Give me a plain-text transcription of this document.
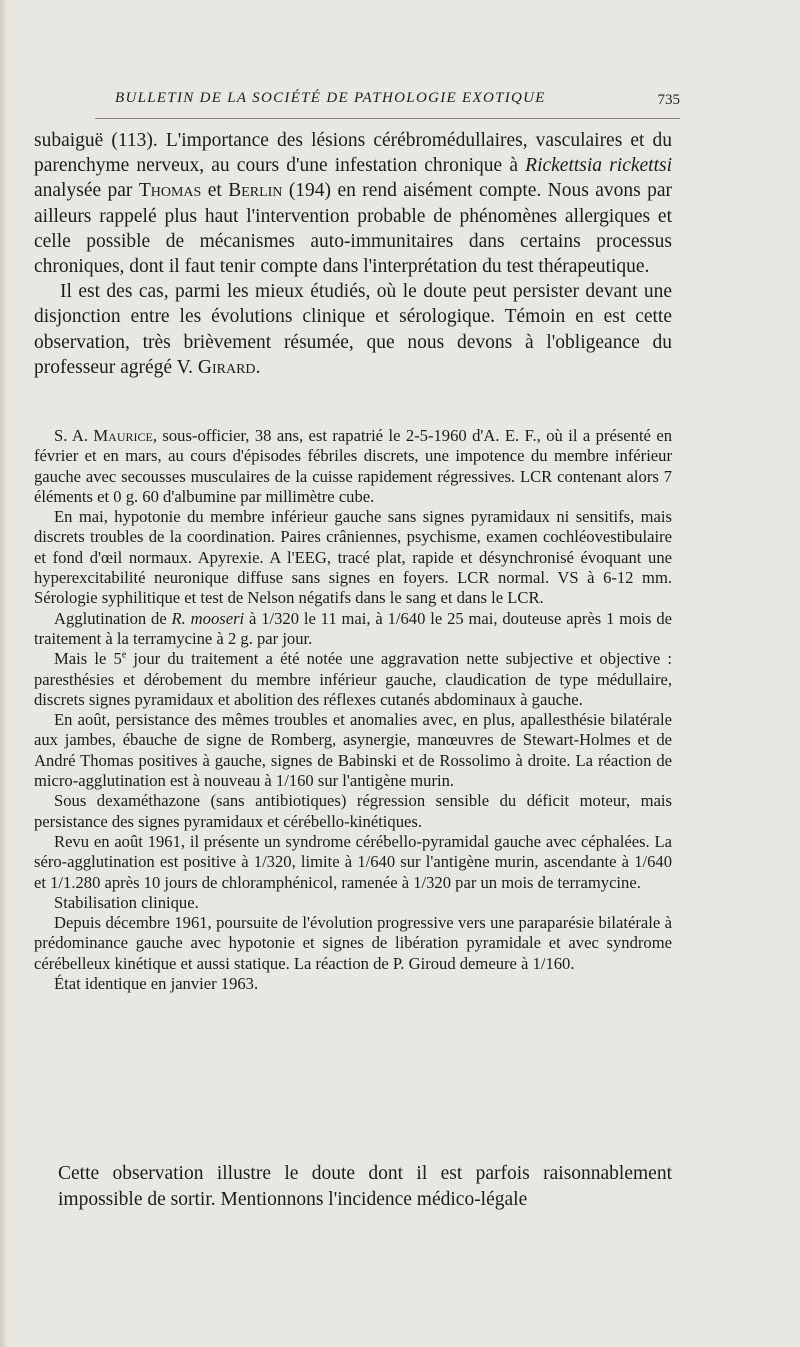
BULLETIN DE LA SOCIÉTÉ DE PATHOLOGIE EXOTIQUE	735

subaiguë (113). L'importance des lésions cérébromédullaires, vasculaires et du parenchyme nerveux, au cours d'une infestation chronique à Rickettsia rickettsi analysée par Thomas et Berlin (194) en rend aisément compte. Nous avons par ailleurs rappelé plus haut l'intervention probable de phénomènes allergiques et celle possible de mécanismes auto-immunitaires dans certains processus chroniques, dont il faut tenir compte dans l'interprétation du test thérapeutique.

Il est des cas, parmi les mieux étudiés, où le doute peut persister devant une disjonction entre les évolutions clinique et sérologique. Témoin en est cette observation, très brièvement résumée, que nous devons à l'obligeance du professeur agrégé V. Girard.

S. A. Maurice, sous-officier, 38 ans, est rapatrié le 2-5-1960 d'A. E. F., où il a présenté en février et en mars, au cours d'épisodes fébriles discrets, une impotence du membre inférieur gauche avec secousses musculaires de la cuisse rapidement régressives. LCR contenant alors 7 éléments et 0 g. 60 d'albumine par millimètre cube.

En mai, hypotonie du membre inférieur gauche sans signes pyramidaux ni sensitifs, mais discrets troubles de la coordination. Paires crâniennes, psychisme, examen cochléovestibulaire et fond d'œil normaux. Apyrexie. A l'EEG, tracé plat, rapide et désynchronisé évoquant une hyperexcitabilité neuronique diffuse sans signes en foyers. LCR normal. VS à 6-12 mm. Sérologie syphilitique et test de Nelson négatifs dans le sang et dans le LCR.

Agglutination de R. mooseri à 1/320 le 11 mai, à 1/640 le 25 mai, douteuse après 1 mois de traitement à la terramycine à 2 g. par jour.

Mais le 5e jour du traitement a été notée une aggravation nette subjective et objective : paresthésies et dérobement du membre inférieur gauche, claudication de type médullaire, discrets signes pyramidaux et abolition des réflexes cutanés abdominaux à gauche.

En août, persistance des mêmes troubles et anomalies avec, en plus, apallesthésie bilatérale aux jambes, ébauche de signe de Romberg, asynergie, manœuvres de Stewart-Holmes et de André Thomas positives à gauche, signes de Babinski et de Rossolimo à droite. La réaction de micro-agglutination est à nouveau à 1/160 sur l'antigène murin.

Sous dexaméthazone (sans antibiotiques) régression sensible du déficit moteur, mais persistance des signes pyramidaux et cérébello-kinétiques.

Revu en août 1961, il présente un syndrome cérébello-pyramidal gauche avec céphalées. La séro-agglutination est positive à 1/320, limite à 1/640 sur l'antigène murin, ascendante à 1/640 et 1/1.280 après 10 jours de chloramphénicol, ramenée à 1/320 par un mois de terramycine.

Stabilisation clinique.

Depuis décembre 1961, poursuite de l'évolution progressive vers une paraparésie bilatérale à prédominance gauche avec hypotonie et signes de libération pyramidale et avec syndrome cérébelleux kinétique et aussi statique. La réaction de P. Giroud demeure à 1/160.

État identique en janvier 1963.

Cette observation illustre le doute dont il est parfois raisonnablement impossible de sortir. Mentionnons l'incidence médico-légale
